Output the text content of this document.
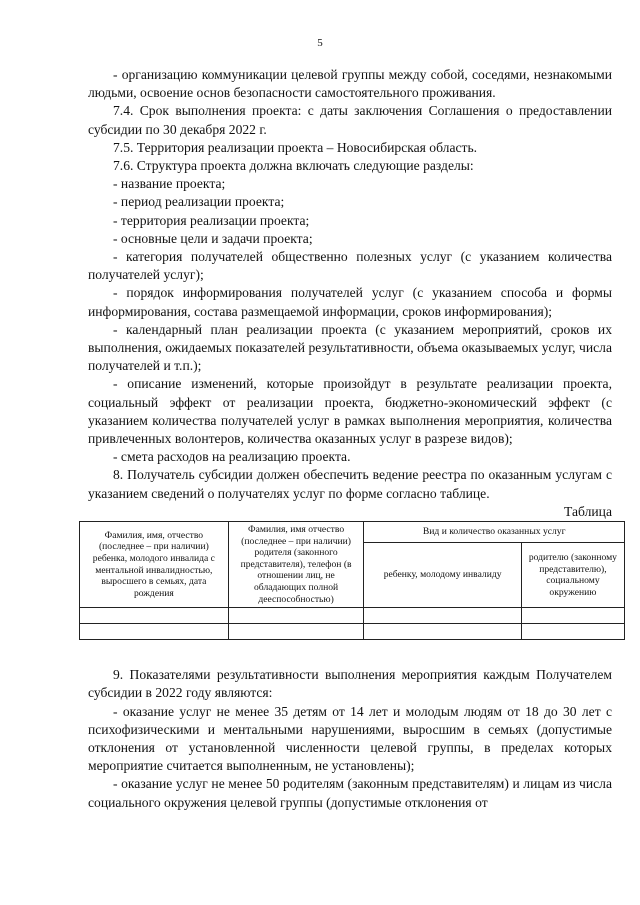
5

- организацию коммуникации целевой группы между собой, соседями, незнакомыми людьми, освоение основ безопасности самостоятельного проживания.

7.4. Срок выполнения проекта: с даты заключения Соглашения о предоставлении субсидии по 30 декабря 2022 г.

7.5. Территория реализации проекта – Новосибирская область.

7.6. Структура проекта должна включать следующие разделы:

- название проекта;

- период реализации проекта;

- территория реализации проекта;

- основные цели и задачи проекта;

- категория получателей общественно полезных услуг (с указанием количества получателей услуг);

- порядок информирования получателей услуг (с указанием способа и формы информирования, состава размещаемой информации, сроков информирования);

- календарный план реализации проекта (с указанием мероприятий, сроков их выполнения, ожидаемых показателей результативности, объема оказываемых услуг, числа получателей и т.п.);

- описание изменений, которые произойдут в результате реализации проекта, социальный эффект от реализации проекта, бюджетно-экономический эффект (с указанием количества получателей услуг в рамках выполнения мероприятия, количества привлеченных волонтеров, количества оказанных услуг в разрезе видов);

- смета расходов на реализацию проекта.

8. Получатель субсидии должен обеспечить ведение реестра по оказанным услугам с указанием сведений о получателях услуг по форме согласно таблице.

Таблица

Фамилия, имя, отчество (последнее – при наличии) ребенка, молодого инвалида с ментальной инвалидностью, выросшего в семьях, дата рождения	Фамилия, имя отчество (последнее – при наличии) родителя (законного представителя), телефон (в отношении лиц, не обладающих полной дееспособностью)	Вид и количество оказанных услуг	
		ребенку, молодому инвалиду	родителю (законному представителю), социальному окружению

9. Показателями результативности выполнения мероприятия каждым Получателем субсидии в 2022 году являются:

- оказание услуг не менее 35 детям от 14 лет и молодым людям от 18 до 30 лет с психофизическими и ментальными нарушениями, выросшим в семьях (допустимые отклонения от установленной численности целевой группы, в пределах которых мероприятие считается выполненным, не установлены);

- оказание услуг не менее 50 родителям (законным представителям) и лицам из числа социального окружения целевой группы (допустимые отклонения от
